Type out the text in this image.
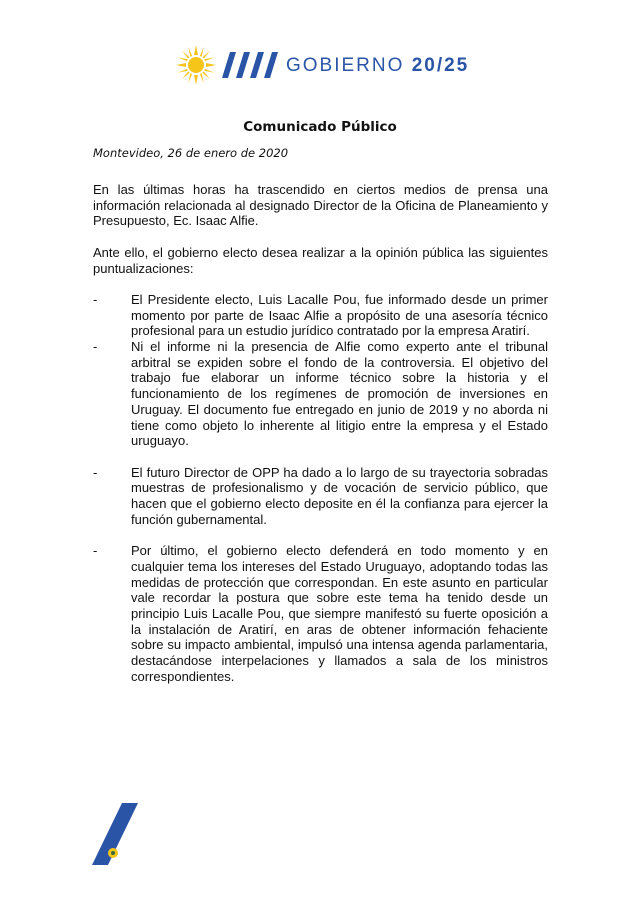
GOBIERNO 20/25
Comunicado Público
Montevideo, 26 de enero de 2020

En las últimas horas ha trascendido en ciertos medios de prensa una información relacionada al designado Director de la Oficina de Planeamiento y Presupuesto, Ec. Isaac Alfie.

Ante ello, el gobierno electo desea realizar a la opinión pública las siguientes puntualizaciones:

-	El Presidente electo, Luis Lacalle Pou, fue informado desde un primer momento por parte de Isaac Alfie a propósito de una asesoría técnico profesional para un estudio jurídico contratado por la empresa Aratirí.
-	Ni el informe ni la presencia de Alfie como experto ante el tribunal arbitral se expiden sobre el fondo de la controversia. El objetivo del trabajo fue elaborar un informe técnico sobre la historia y el funcionamiento de los regímenes de promoción de inversiones en Uruguay. El documento fue entregado en junio de 2019 y no aborda ni tiene como objeto lo inherente al litigio entre la empresa y el Estado uruguayo.
-	El futuro Director de OPP ha dado a lo largo de su trayectoria sobradas muestras de profesionalismo y de vocación de servicio público, que hacen que el gobierno electo deposite en él la confianza para ejercer la función gubernamental.
-	Por último, el gobierno electo defenderá en todo momento y en cualquier tema los intereses del Estado Uruguayo, adoptando todas las medidas de protección que correspondan. En este asunto en particular vale recordar la postura que sobre este tema ha tenido desde un principio Luis Lacalle Pou, que siempre manifestó su fuerte oposición a la instalación de Aratirí, en aras de obtener información fehaciente sobre su impacto ambiental, impulsó una intensa agenda parlamentaria, destacándose interpelaciones y llamados a sala de los ministros correspondientes.
